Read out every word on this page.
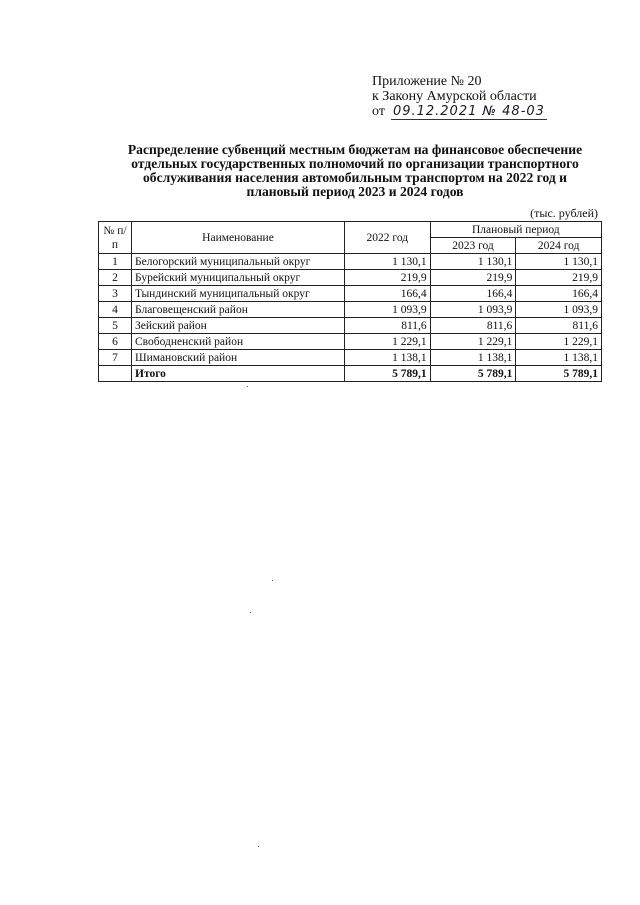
Приложение № 20
к Закону Амурской области
от 09.12.2021 № 48-03
Распределение субвенций местным бюджетам на финансовое обеспечение отдельных государственных полномочий по организации транспортного обслуживания населения автомобильным транспортом на 2022 год и плановый период 2023 и 2024 годов
(тыс. рублей)
№ п/п	Наименование	2022 год	Плановый период	
			2023 год	2024 год
1	Белогорский муниципальный округ	1 130,1	1 130,1	1 130,1
2	Бурейский муниципальный округ	219,9	219,9	219,9
3	Тындинский муниципальный округ	166,4	166,4	166,4
4	Благовещенский район	1 093,9	1 093,9	1 093,9
5	Зейский район	811,6	811,6	811,6
6	Свободненский район	1 229,1	1 229,1	1 229,1
7	Шимановский район	1 138,1	1 138,1	1 138,1
	Итого	5 789,1	5 789,1	5 789,1
